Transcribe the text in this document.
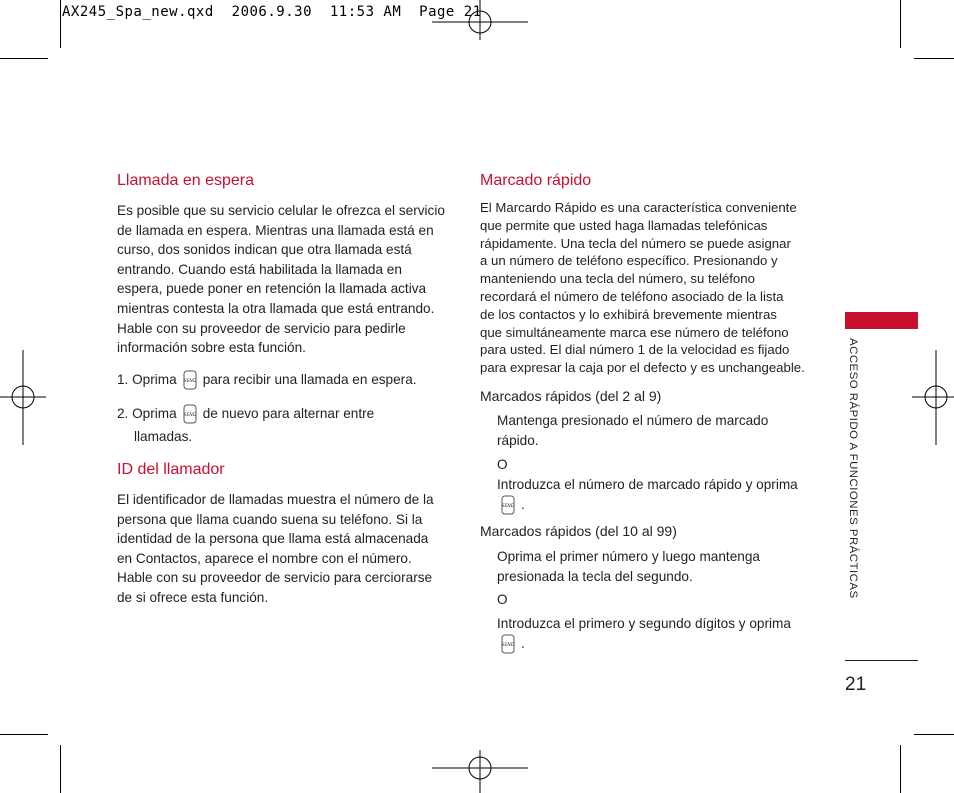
AX245_Spa_new.qxd  2006.9.30  11:53 AM  Page 21
Llamada en espera
Es posible que su servicio celular le ofrezca el servicio
de llamada en espera. Mientras una llamada está en
curso, dos sonidos indican que otra llamada está
entrando. Cuando está habilitada la llamada en
espera, puede poner en retención la llamada activa
mientras contesta la otra llamada que está entrando.
Hable con su proveedor de servicio para pedirle
información sobre esta función.
1. Oprima SEND para recibir una llamada en espera.
2. Oprima SEND de nuevo para alternar entre
llamadas.
ID del llamador
El identificador de llamadas muestra el número de la
persona que llama cuando suena su teléfono. Si la
identidad de la persona que llama está almacenada
en Contactos, aparece el nombre con el número.
Hable con su proveedor de servicio para cerciorarse
de si ofrece esta función.
Marcado rápido
El Marcardo Rápido es una característica conveniente
que permite que usted haga llamadas telefónicas
rápidamente. Una tecla del número se puede asignar
a un número de teléfono específico. Presionando y
manteniendo una tecla del número, su teléfono
recordará el número de teléfono asociado de la lista
de los contactos y lo exhibirá brevemente mientras
que simultáneamente marca ese número de teléfono
para usted. El dial número 1 de la velocidad es fijado
para expresar la caja por el defecto y es unchangeable.
Marcados rápidos (del 2 al 9)
Mantenga presionado el número de marcado
rápido.
O
Introduzca el número de marcado rápido y oprima
SEND .
Marcados rápidos (del 10 al 99)
Oprima el primer número y luego mantenga
presionada la tecla del segundo.
O
Introduzca el primero y segundo dígitos y oprima
SEND .
ACCESO RÁPIDO A FUNCIONES PRÁCTICAS
21
